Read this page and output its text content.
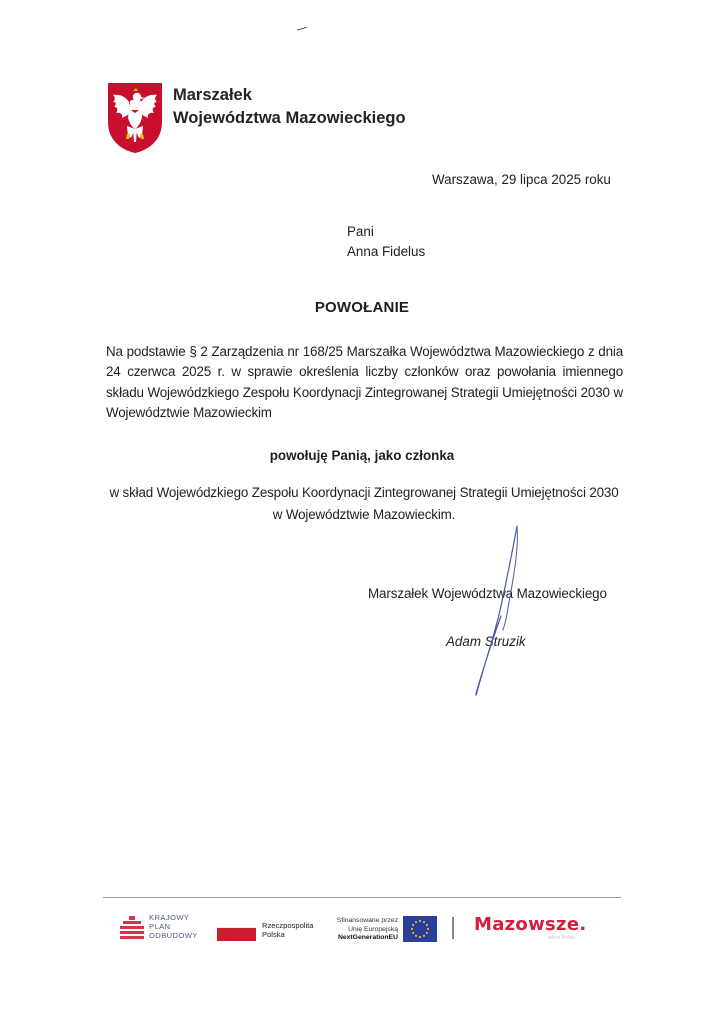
Marszałek
Województwa Mazowieckiego
Warszawa, 29 lipca 2025 roku
Pani
Anna Fidelus
POWOŁANIE
Na podstawie § 2 Zarządzenia nr 168/25 Marszałka Województwa Mazowieckiego z dnia 24 czerwca 2025 r. w sprawie określenia liczby członków oraz powołania imiennego składu Wojewódzkiego Zespołu Koordynacji Zintegrowanej Strategii Umiejętności 2030 w Województwie Mazowieckim
powołuję Panią, jako członka
w skład Wojewódzkiego Zespołu Koordynacji Zintegrowanej Strategii Umiejętności 2030
w Województwie Mazowieckim.
Marszałek Województwa Mazowieckiego
Adam Struzik
KRAJOWY
PLAN
ODBUDOWY
Rzeczpospolita
Polska
Sfinansowane przez
Unię Europejską
NextGenerationEU
Mazowsze.
serce Polski
